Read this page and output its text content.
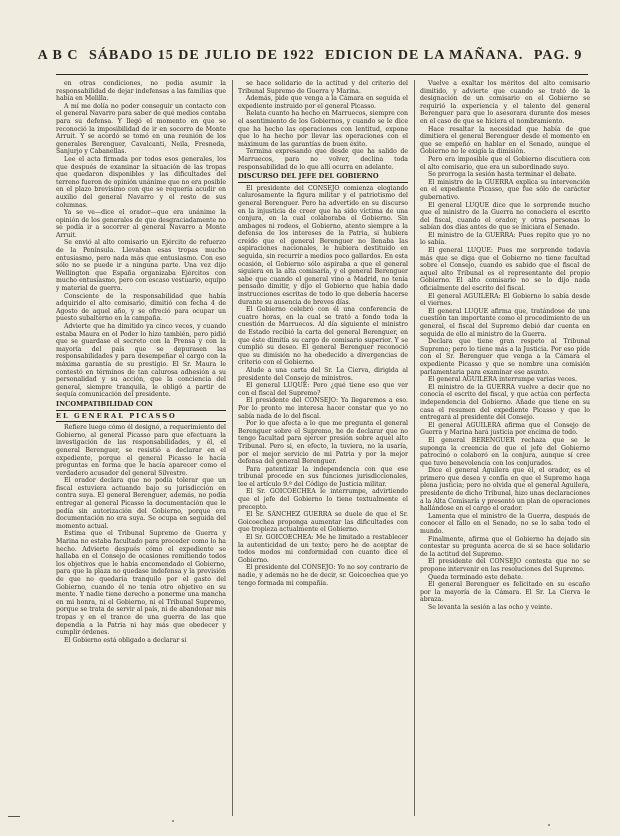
A B C SÁBADO 15 DE JULIO DE 1922 EDICION DE LA MAÑANA. PAG. 9

en otras condiciones, no podía asumir la responsabilidad de dejar indefensas a las familias que había en Melilla.

A mí me dolía no poder conseguir un contacto con el general Navarro para saber de qué medios contaba para su defensa. Y llegó el momento en que se reconoció la imposibilidad de ir en socorro de Monte Arruit. Y se acordó se tomó en una reunión de los generales Berenguer, Cavalcanti, Neila, Fresneda, Sanjurjo y Cabanellas.

Lee el acta firmada por todos esos generales, los que después de examinar la situación de las tropas que quedaron disponibles y las dificultades del terreno fueron de opinión unánime que no era posible en el plazo brevísimo con que se requería acudir en auxilio del general Navarro y el resto de sus columnas.

Ya se ve—dice el orador—que era unánime la opinión de los generales de que desgraciadamente no se podía ir a socorrer al general Navarro a Monte Arruit.

Se envió al alto comisario un Ejército de refuerzo de la Península. Llevaban esas tropas mucho entusiasmo, pero nada más que entusiasmo. Con eso sólo no se puede ir a ninguna parte. Una vez dijo Wellington que España organizaba Ejércitos con mucho entusiasmo, pero con escaso vestuario, equipo y material de guerra.

Consciente de la responsabilidad que había adquirido el alto comisario, dimitió con fecha 4 de Agosto de aquel año, y se ofreció para ocupar un puesto subalterno en la campaña.

Advierte que ha dimitido ya cinco veces, y cuando estaba Maura en el Poder lo hizo también, pero pidió que se guardase el secreto con la Prensa y con la mayoría del país que se depurasen las responsabilidades y para desempeñar el cargo con la máxima garantía de su prestigio. El Sr. Maura le contestó en términos de tan calurosa adhesión a su personalidad y su acción, que la conciencia del general, siempre tranquila, le obligó a partir de sequía comunicación del presidente.

INCOMPATIBILIDAD CON
EL GENERAL PICASSO

Refiere luego cómo él designó, a requerimiento del Gobierno, al general Picasso para que efectuara la investigación de las responsabilidades, y él, el general Berenguer, se resistió a declarar en el expediente, porque el general Picasso le hacía preguntas en forma que le hacía aparecer como el verdadero acusador del general Silvestre.

El orador declara que no podía tolerar que un fiscal estuviera actuando bajo su jurisdicción en contra suya. El general Berenguer, además, no podía entregar al general Picasso la documentación que le pedía sin autorización del Gobierno, porque era documentación no era suya. Se ocupa en seguida del momento actual.

Estima que el Tribunal Supremo de Guerra y Marina no estaba facultado para proceder como lo ha hecho. Advierte después cómo el expediente se hallaba en el Consejo de ocasiones remitiendo todos los objetivos que le había encomendado el Gobierno, para que la plaza no quedase indefensa y la previsión de que no quedaría tranquilo por el gasto del Gobierno, cuando él no tenía otro objetivo en su mente. Y nadie tiene derecho a ponerme una mancha en mi honra, ni el Gobierno, ni el Tribunal Supremo, porque se trata de servir al país, ni de abandonar mis tropas y en el trance de una guerra de las que dependía a la Patria ni hay más que obedecer y cumplir órdenes.

El Gobierno está obligado a declarar si

se hace solidario de la actitud y del criterio del Tribunal Supremo de Guerra y Marina.

Además, pide que venga a la Cámara en seguida el expediente instruido por el general Picasso.

Relata cuanto ha hecho en Marruecos, siempre con el asentimiento de los Gobiernos, y cuando se le dice que ha hecho las operaciones con lentitud, expone que lo ha hecho por llevar las operaciones con el máximum de las garantías de buen éxito.

Termina expresando que desde que ha salido de Marruecos, para no volver, declina toda responsabilidad de lo que allí ocurra en adelante.

DISCURSO DEL JEFE DEL GOBIERNO

El presidente del CONSEJO comienza elogiando calurosamente la figura militar y el patriotismo del general Berenguer. Pero ha advertido en su discurso en la injusticia de creer que ha sido víctima de una conjura, en la cual colaboraba el Gobierno. Sin ambages ni rodeos, el Gobierno, atento siempre a la defensa de los intereses de la Patria, si hubiera creído que el general Berenguer no llenaba las aspiraciones nacionales, le hubiera destituido en seguida, sin recurrir a medios poco gallardos. En esta ocasión, el Gobierno sólo aspiraba a que el general siguiera en la alta comisaría, y el general Berenguer sabe que cuando el general vino a Madrid, no tenía pensado dimitir, y dijo el Gobierno que había dado instrucciones escritas de todo lo que debería hacerse durante su ausencia de breves días.

El Gobierno celebró con él una conferencia de cuatro horas, en la cual se trató a fondo toda la cuestión de Marruecos. Al día siguiente el ministro de Estado recibió la carta del general Berenguer, en que éste dimitía su cargo de comisario superior. Y se cumplió su deseo. El general Berenguer reconoció que su dimisión no ha obedecido a divergencias de criterio con el Gobierno.

Alude a una carta del Sr. La Cierva, dirigida al presidente del Consejo de ministros.

El general LUQUE: Pero ¿qué tiene eso que ver con el fiscal del Supremo?

El presidente del CONSEJO: Ya llegaremos a eso. Por lo pronto me interesa hacer constar que yo no sabía nada de lo del fiscal.

Por lo que afecta a lo que me pregunta el general Berenguer sobre el Supremo, he de declarar que no tengo facultad para ejercer presión sobre aquel alto Tribunal. Pero si, en efecto, la tuviera, no la usaría, por el mejor servicio de mi Patria y por la mejor defensa del general Berenguer.

Para patentizar la independencia con que ese tribunal procede en sus funciones jurisdiccionales, lee el artículo 9.º del Código de Justicia militar.

El Sr. GOICOECHEA le interrumpe, advirtiendo que el jefe del Gobierno lo tiene textualmente el precepto.

El Sr. SÁNCHEZ GUERRA se duele de que el Sr. Goicoechea proponga aumentar las dificultades con que tropieza actualmente el Gobierno.

El Sr. GOICOECHEA: Me he limitado a restablecer la autenticidad de un texto; pero he de aceptar de todos modos mi conformidad con cuanto dice el Gobierno.

El presidente del CONSEJO: Yo no soy contrario de nadie, y además no he de decir, sr. Goicoechea que yo tengo formada mi compañía.

Vuelve a exaltar los méritos del alto comisario dimitido, y advierte que cuando se trató de la designación de un comisario en el Gobierno se requirió la experiencia y el talento del general Berenguer para que lo asesorara durante dos meses en el caso de que se hiciera el nombramiento.

Hace resaltar la necesidad que había de que dimitiera el general Berenguer desde el momento en que se empeñó en hablar en el Senado, aunque el Gobierno no le exigía la dimisión.

Pero era imposible que el Gobierno discutiera con el alto comisario, que era un subordinado suyo.

Se prorroga la sesión hasta terminar el debate.

El ministro de la GUERRA explica su intervención en el expediente Picasso, que fue sólo de carácter gubernativo.

El general LUQUE dice que le sorprende mucho que el ministro de la Guerra no conociera el escrito del fiscal, cuando el orador, y otras personas lo sabían dos días antes de que se iniciara el Senado.

El ministro de la GUERRA: Pues repito que yo no lo sabía.

El general LUQUE: Pues me sorprende todavía más que se diga que el Gobierno no tiene facultad sobre el Consejo, cuando es sabido que el fiscal de aquel alto Tribunal es el representante del propio Gobierno. El alto comisario no se lo dijo nada oficialmente del escrito del fiscal.

El general AGUILERA: El Gobierno lo sabía desde el viernes.

El general LUQUE afirma que, tratándose de una cuestión tan importante como el procedimiento de un general, el fiscal del Supremo debió dar cuenta en seguida de ello al ministro de la Guerra.

Declara que tiene gran respeto al Tribunal Supremo; pero lo tiene más a la Justicia. Por eso pide con el Sr. Berenguer que venga a la Cámara el expediente Picasso y que se nombre una comisión parlamentaria para examinar ese asunto.

El general AGUILERA interrumpe varias veces.

El ministro de la GUERRA vuelve a decir que no conocía el escrito del fiscal, y que actúa con perfecta independencia del Gobierno. Añade que tiene en su casa el resumen del expediente Picasso y que lo entregará al presidente del Consejo.

El general AGUILERA afirma que el Consejo de Guerra y Marina hará justicia por encima de todo.

El general BERENGUER rechaza que se le suponga la creencia de que el jefe del Gobierno patrocinó o colaboró en la conjura, aunque sí cree que tuvo benevolencia con los conjurados.

Dice el general Aguilera que él, el orador, es el primero que desea y confía en que el Supremo haga plena justicia; pero no olvida que el general Aguilera, presidente de dicho Tribunal, hizo unas declaraciones a la Alta Comisaría y presentó un plan de operaciones hallándose en el cargo el orador.

Lamenta que el ministro de la Guerra, después de conocer el fallo en el Senado, no se lo saba todo el mundo.

Finalmente, afirma que el Gobierno ha dejado sin contestar su pregunta acerca de si se hace solidario de la actitud del Supremo.

El presidente del CONSEJO contesta que no se propone intervenir en las resoluciones del Supremo.

Queda terminado este debate.

El general Berenguer es felicitado en su escaño por la mayoría de la Cámara. El Sr. La Cierva le abraza.

Se levanta la sesión a las ocho y veinte.
